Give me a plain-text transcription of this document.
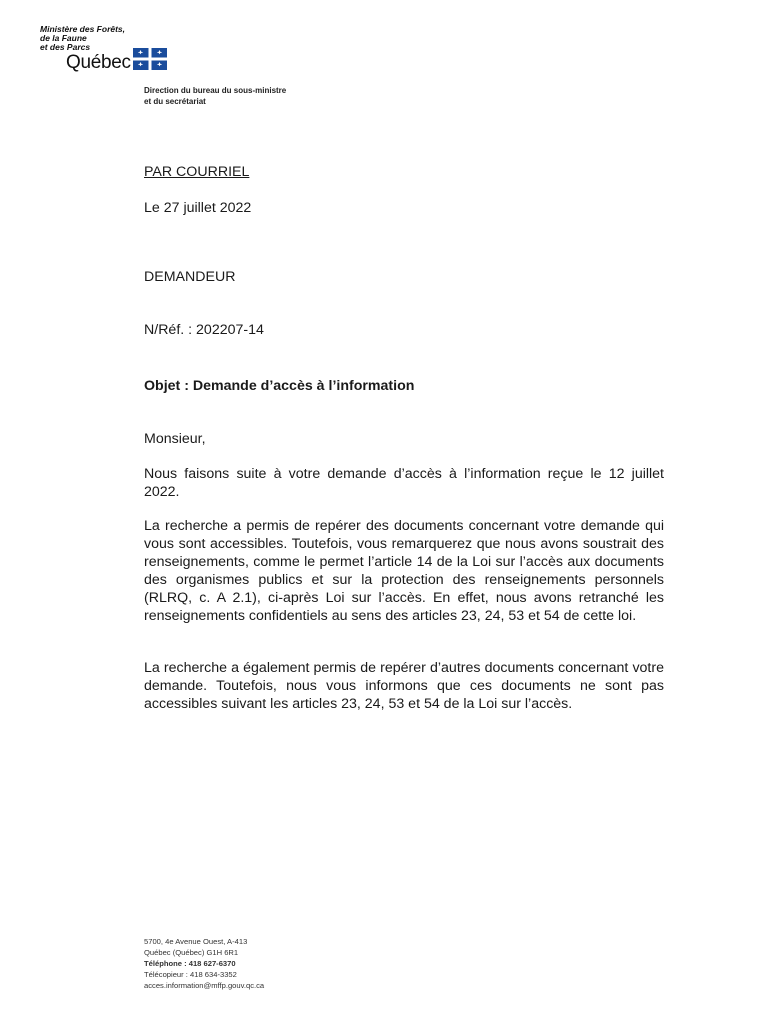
Ministère des Forêts,
de la Faune
et des Parcs
Québec
Direction du bureau du sous-ministre
et du secrétariat
PAR COURRIEL
Le 27 juillet 2022
DEMANDEUR
N/Réf. : 202207-14
Objet : Demande d’accès à l’information
Monsieur,
Nous faisons suite à votre demande d’accès à l’information reçue le 12 juillet 2022.
La recherche a permis de repérer des documents concernant votre demande qui vous sont accessibles. Toutefois, vous remarquerez que nous avons soustrait des renseignements, comme le permet l’article 14 de la Loi sur l’accès aux documents des organismes publics et sur la protection des renseignements personnels (RLRQ, c. A 2.1), ci-après Loi sur l’accès. En effet, nous avons retranché les renseignements confidentiels au sens des articles 23, 24, 53 et 54 de cette loi.
La recherche a également permis de repérer d’autres documents concernant votre demande. Toutefois, nous vous informons que ces documents ne sont pas accessibles suivant les articles 23, 24, 53 et 54 de la Loi sur l’accès.
5700, 4e Avenue Ouest, A-413
Québec (Québec) G1H 6R1
Téléphone : 418 627-6370
Télécopieur : 418 634-3352
acces.information@mffp.gouv.qc.ca
